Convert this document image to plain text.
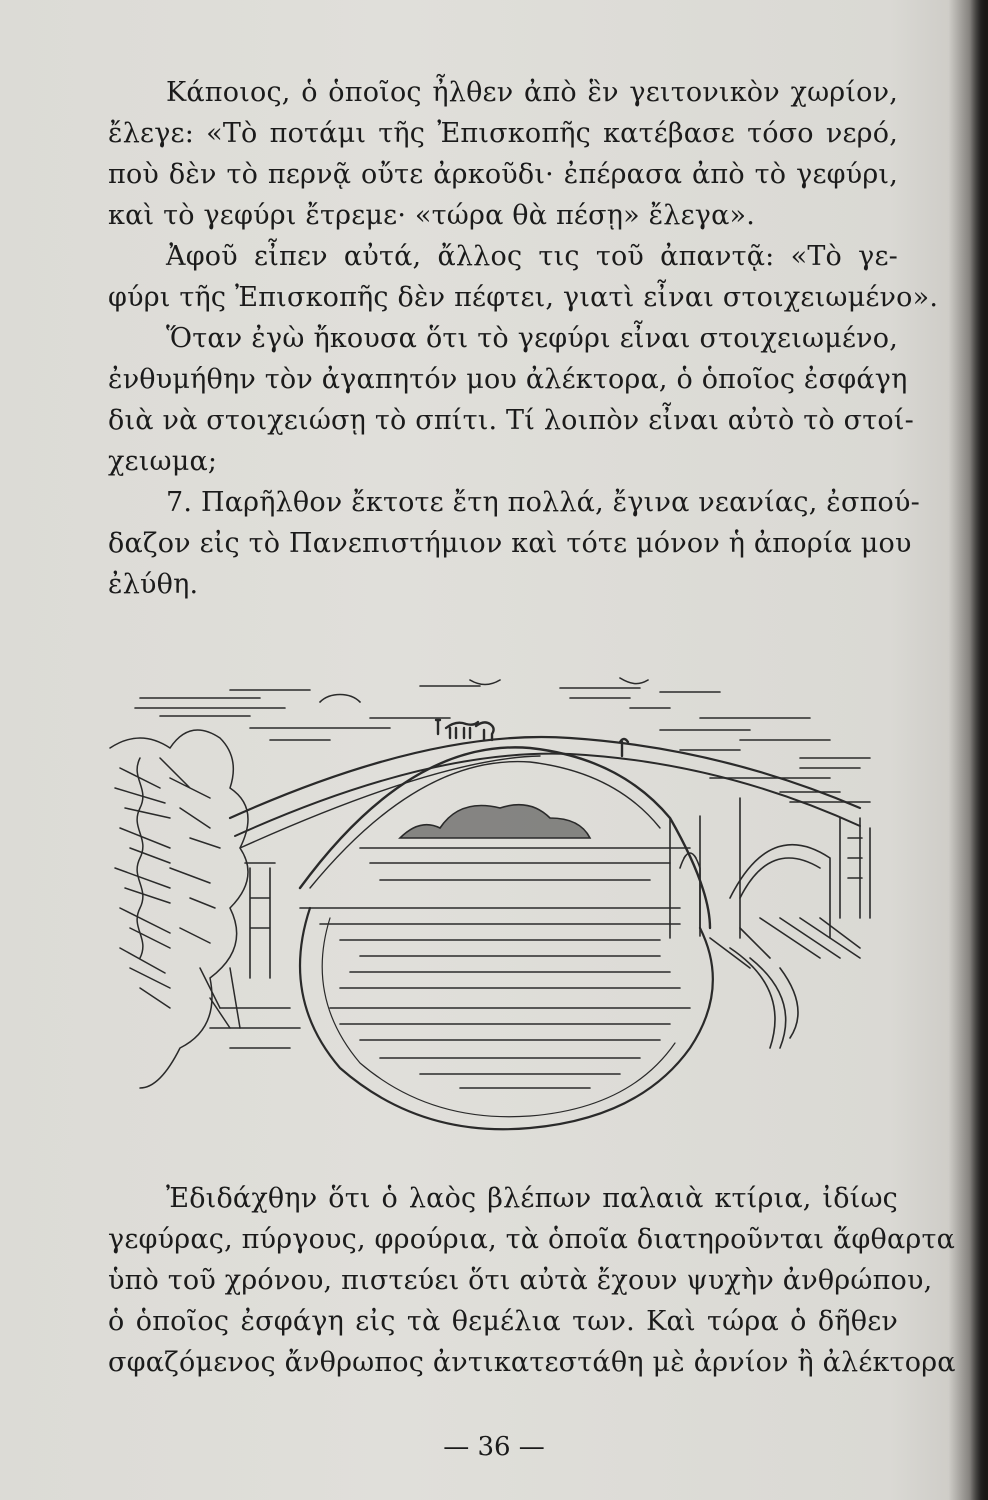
Κάποιος, ὁ ὁποῖος ἦλθεν ἀπὸ ἓν γειτονικὸν χωρίον,
ἔλεγε: «Τὸ ποτάμι τῆς Ἐπισκοπῆς κατέβασε τόσο νερό,
ποὺ δὲν τὸ περνᾷ οὔτε ἀρκοῦδι· ἐπέρασα ἀπὸ τὸ γεφύρι,
καὶ τὸ γεφύρι ἔτρεμε· «τώρα θὰ πέσῃ» ἔλεγα».
Ἀφοῦ εἶπεν αὐτά, ἄλλος τις τοῦ ἀπαντᾷ: «Τὸ γε-
φύρι τῆς Ἐπισκοπῆς δὲν πέφτει, γιατὶ εἶναι στοιχειωμένο».
Ὅταν ἐγὼ ἤκουσα ὅτι τὸ γεφύρι εἶναι στοιχειωμένο,
ἐνθυμήθην τὸν ἀγαπητόν μου ἀλέκτορα, ὁ ὁποῖος ἐσφάγη
διὰ νὰ στοιχειώσῃ τὸ σπίτι. Τί λοιπὸν εἶναι αὐτὸ τὸ στοί-
χειωμα;
7. Παρῆλθον ἔκτοτε ἔτη πολλά, ἔγινα νεανίας, ἐσπού-
δαζον εἰς τὸ Πανεπιστήμιον καὶ τότε μόνον ἡ ἀπορία μου
ἐλύθη.
Ἐδιδάχθην ὅτι ὁ λαὸς βλέπων παλαιὰ κτίρια, ἰδίως
γεφύρας, πύργους, φρούρια, τὰ ὁποῖα διατηροῦνται ἄφθαρτα
ὑπὸ τοῦ χρόνου, πιστεύει ὅτι αὐτὰ ἔχουν ψυχὴν ἀνθρώπου,
ὁ ὁποῖος ἐσφάγη εἰς τὰ θεμέλια των. Καὶ τώρα ὁ δῆθεν
σφαζόμενος ἄνθρωπος ἀντικατεστάθη μὲ ἀρνίον ἢ ἀλέκτορα
— 36 —
